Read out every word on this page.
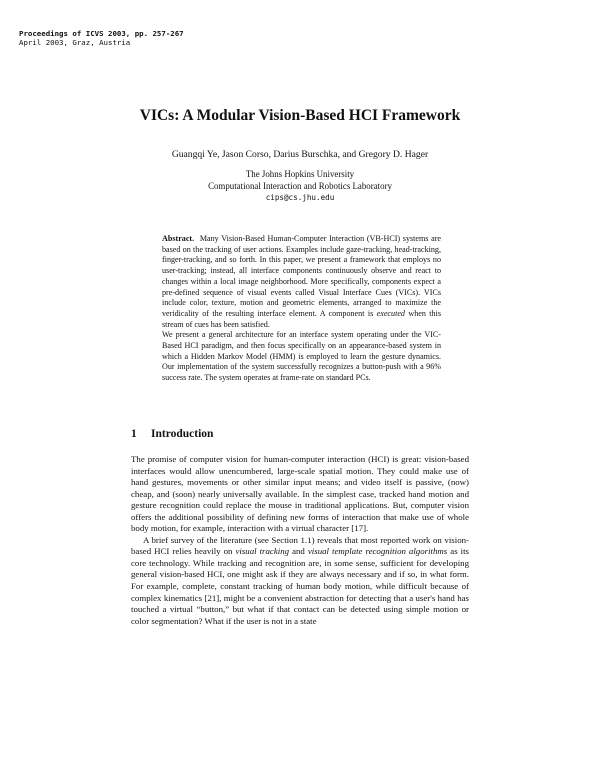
Proceedings of ICVS 2003, pp. 257-267
April 2003, Graz, Austria
VICs: A Modular Vision-Based HCI Framework
Guangqi Ye, Jason Corso, Darius Burschka, and Gregory D. Hager
The Johns Hopkins University
Computational Interaction and Robotics Laboratory
cips@cs.jhu.edu

Abstract. Many Vision-Based Human-Computer Interaction (VB-HCI) systems are based on the tracking of user actions. Examples include gaze-tracking, head-tracking, finger-tracking, and so forth. In this paper, we present a framework that employs no user-tracking; instead, all interface components continuously observe and react to changes within a local image neighborhood. More specifically, components expect a pre-defined sequence of visual events called Visual Interface Cues (VICs). VICs include color, texture, motion and geometric elements, arranged to maximize the veridicality of the resulting interface element. A component is executed when this stream of cues has been satisfied.

We present a general architecture for an interface system operating under the VIC-Based HCI paradigm, and then focus specifically on an appearance-based system in which a Hidden Markov Model (HMM) is employed to learn the gesture dynamics. Our implementation of the system successfully recognizes a button-push with a 96% success rate. The system operates at frame-rate on standard PCs.

1 Introduction

The promise of computer vision for human-computer interaction (HCI) is great: vision-based interfaces would allow unencumbered, large-scale spatial motion. They could make use of hand gestures, movements or other similar input means; and video itself is passive, (now) cheap, and (soon) nearly universally available. In the simplest case, tracked hand motion and gesture recognition could replace the mouse in traditional applications. But, computer vision offers the additional possibility of defining new forms of interaction that make use of whole body motion, for example, interaction with a virtual character [17].

A brief survey of the literature (see Section 1.1) reveals that most reported work on vision-based HCI relies heavily on visual tracking and visual template recognition algorithms as its core technology. While tracking and recognition are, in some sense, sufficient for developing general vision-based HCI, one might ask if they are always necessary and if so, in what form. For example, complete, constant tracking of human body motion, while difficult because of complex kinematics [21], might be a convenient abstraction for detecting that a user's hand has touched a virtual “button,” but what if that contact can be detected using simple motion or color segmentation? What if the user is not in a state
